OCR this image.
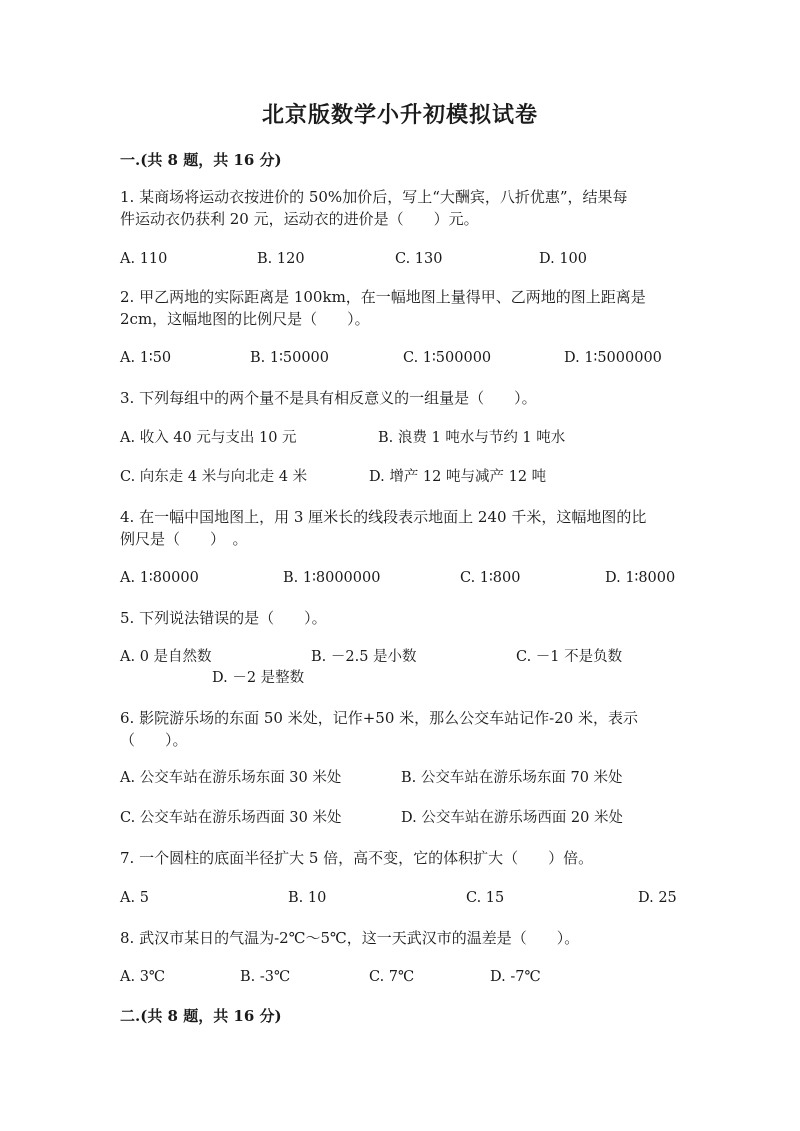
北京版数学小升初模拟试卷
一.(共 8 题，共 16 分)
1. 某商场将运动衣按进价的 50%加价后，写上“大酬宾，八折优惠”，结果每
件运动衣仍获利 20 元，运动衣的进价是（　　）元。
A. 110	B. 120	C. 130	D. 100
2. 甲乙两地的实际距离是 100km，在一幅地图上量得甲、乙两地的图上距离是
2cm，这幅地图的比例尺是（　　）。
A. 1∶50	B. 1∶50000	C. 1∶500000	D. 1∶5000000
3. 下列每组中的两个量不是具有相反意义的一组量是（　　）。
A. 收入 40 元与支出 10 元	B. 浪费 1 吨水与节约 1 吨水
C. 向东走 4 米与向北走 4 米	D. 增产 12 吨与减产 12 吨
4. 在一幅中国地图上，用 3 厘米长的线段表示地面上 240 千米，这幅地图的比
例尺是（　　）　。
A. 1∶80000	B. 1∶8000000	C. 1∶800	D. 1∶8000
5. 下列说法错误的是（　　）。
A. 0 是自然数	B. －2.5 是小数	C. －1 不是负数
D. －2 是整数
6. 影院游乐场的东面 50 米处，记作+50 米，那么公交车站记作-20 米，表示
（　　）。
A. 公交车站在游乐场东面 30 米处	B. 公交车站在游乐场东面 70 米处
C. 公交车站在游乐场西面 30 米处	D. 公交车站在游乐场西面 20 米处
7. 一个圆柱的底面半径扩大 5 倍，高不变，它的体积扩大（　　）倍。
A. 5	B. 10	C. 15	D. 25
8. 武汉市某日的气温为-2℃～5℃，这一天武汉市的温差是（　　）。
A. 3℃	B. -3℃	C. 7℃	D. -7℃
二.(共 8 题，共 16 分)
